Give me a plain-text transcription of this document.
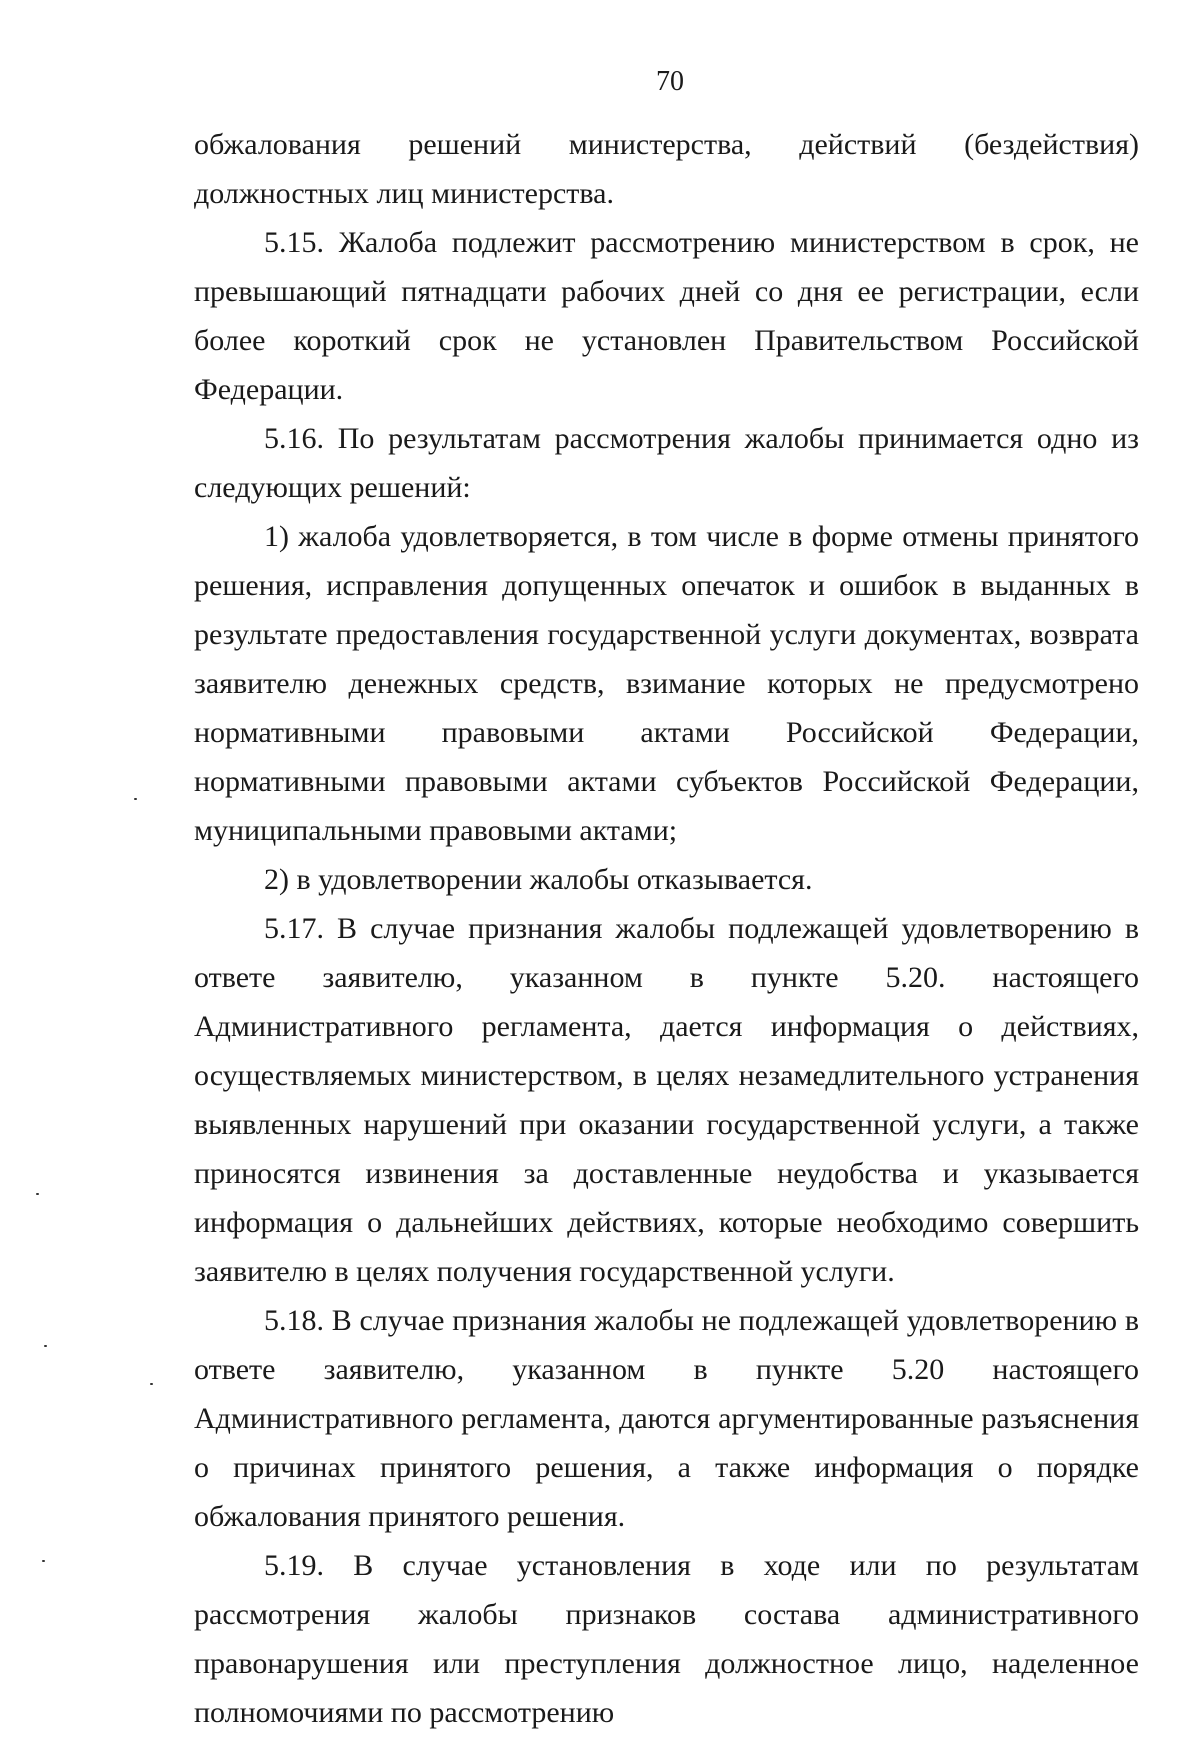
70

обжалования решений министерства, действий (бездействия) должностных лиц министерства.

5.15. Жалоба подлежит рассмотрению министерством в срок, не превышающий пятнадцати рабочих дней со дня ее регистрации, если более короткий срок не установлен Правительством Российской Федерации.

5.16. По результатам рассмотрения жалобы принимается одно из следующих решений:

1) жалоба удовлетворяется, в том числе в форме отмены принятого решения, исправления допущенных опечаток и ошибок в выданных в результате предоставления государственной услуги документах, возврата заявителю денежных средств, взимание которых не предусмотрено нормативными правовыми актами Российской Федерации, нормативными правовыми актами субъектов Российской Федерации, муниципальными правовыми актами;

2) в удовлетворении жалобы отказывается.

5.17. В случае признания жалобы подлежащей удовлетворению в ответе заявителю, указанном в пункте 5.20. настоящего Административного регламента, дается информация о действиях, осуществляемых министерством, в целях незамедлительного устранения выявленных нарушений при оказании государственной услуги, а также приносятся извинения за доставленные неудобства и указывается информация о дальнейших действиях, которые необходимо совершить заявителю в целях получения государственной услуги.

5.18. В случае признания жалобы не подлежащей удовлетворению в ответе заявителю, указанном в пункте 5.20 настоящего Административного регламента, даются аргументированные разъяснения о причинах принятого решения, а также информация о порядке обжалования принятого решения.

5.19. В случае установления в ходе или по результатам рассмотрения жалобы признаков состава административного правонарушения или преступления должностное лицо, наделенное полномочиями по рассмотрению
